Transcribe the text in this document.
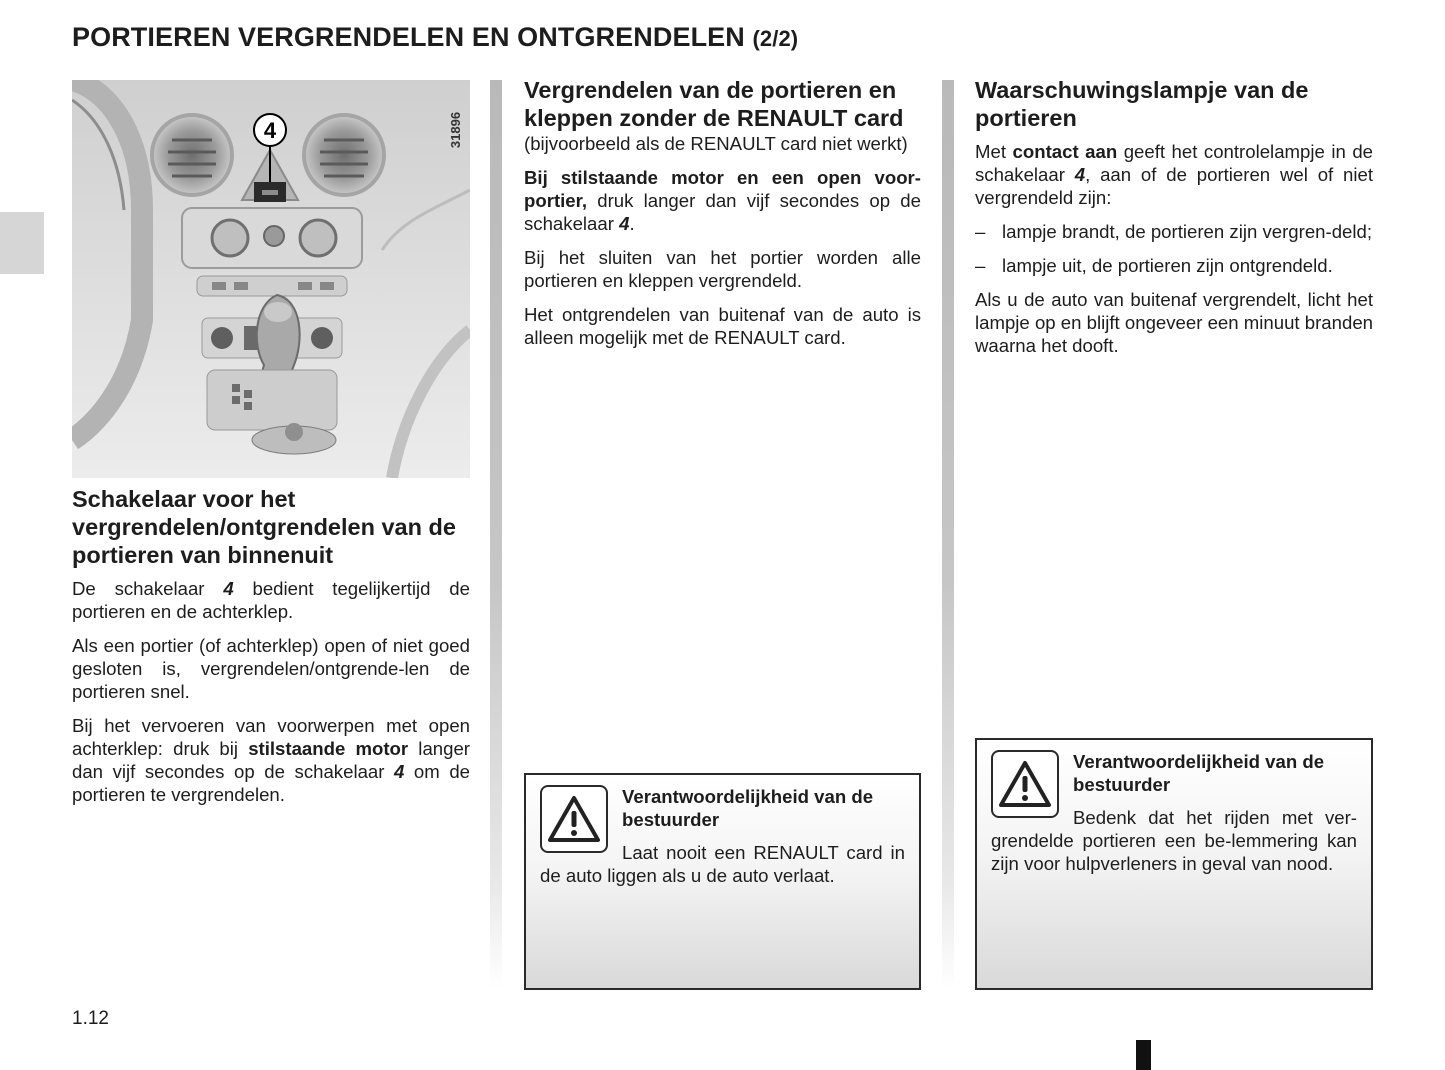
PORTIEREN VERGRENDELEN EN ONTGRENDELEN (2/2)
4	31896
Schakelaar voor het vergrendelen/ontgrendelen van de portieren van binnenuit

De schakelaar 4 bedient tegelijkertijd de portieren en de achterklep.

Als een portier (of achterklep) open of niet goed gesloten is, vergrendelen/ontgrende-len de portieren snel.

Bij het vervoeren van voorwerpen met open achterklep: druk bij stilstaande motor langer dan vijf secondes op de schakelaar 4 om de portieren te vergrendelen.

Vergrendelen van de portieren en kleppen zonder de RENAULT card

(bijvoorbeeld als de RENAULT card niet werkt)

Bij stilstaande motor en een open voor-portier, druk langer dan vijf secondes op de schakelaar 4.

Bij het sluiten van het portier worden alle portieren en kleppen vergrendeld.

Het ontgrendelen van buitenaf van de auto is alleen mogelijk met de RENAULT card.

Verantwoordelijkheid van de bestuurder
Laat nooit een RENAULT card in de auto liggen als u de auto verlaat.
Waarschuwingslampje van de portieren

Met contact aan geeft het controlelampje in de schakelaar 4, aan of de portieren wel of niet vergrendeld zijn:

– lampje brandt, de portieren zijn vergren-deld;
– lampje uit, de portieren zijn ontgrendeld.

Als u de auto van buitenaf vergrendelt, licht het lampje op en blijft ongeveer een minuut branden waarna het dooft.

Verantwoordelijkheid van de bestuurder
Bedenk dat het rijden met ver-grendelde portieren een be-lemmering kan zijn voor hulpverleners in geval van nood.
1.12
